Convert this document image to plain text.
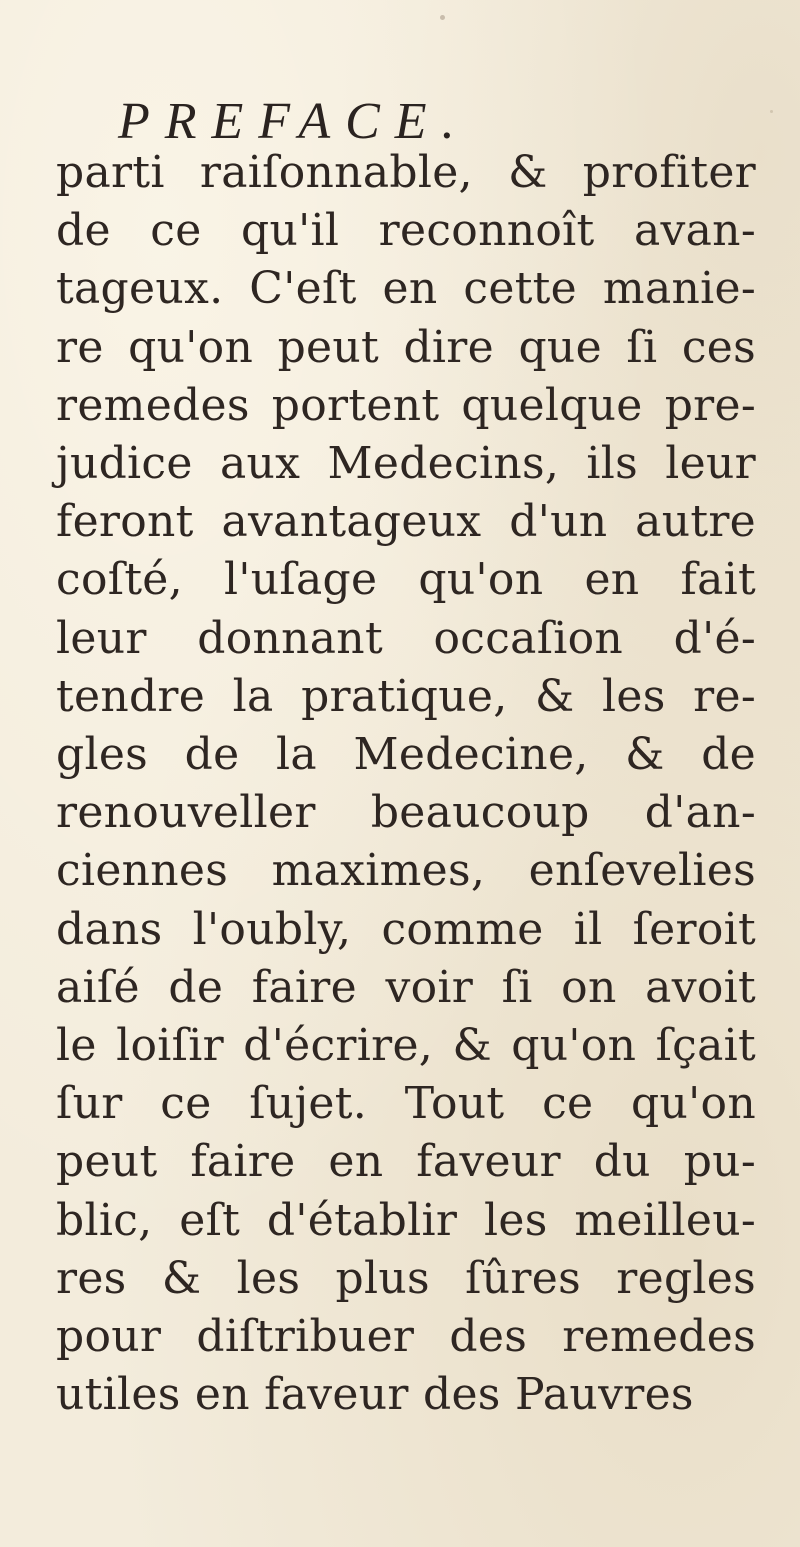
PREFACE.
parti raiſonnable, & profiter
de ce qu'il reconnoît avan-
tageux. C'eſt en cette manie-
re qu'on peut dire que ſi ces
remedes portent quelque pre-
judice aux Medecins, ils leur
feront avantageux d'un autre
coſté, l'uſage qu'on en fait
leur donnant occaſion d'é-
tendre la pratique, & les re-
gles de la Medecine, & de
renouveller beaucoup d'an-
ciennes maximes, enſevelies
dans l'oubly, comme il ſeroit
aiſé de faire voir ſi on avoit
le loiſir d'écrire, & qu'on ſçait
ſur ce ſujet. Tout ce qu'on
peut faire en faveur du pu-
blic, eſt d'établir les meilleu-
res & les plus ſûres regles
pour diſtribuer des remedes
utiles en faveur des Pauvres
